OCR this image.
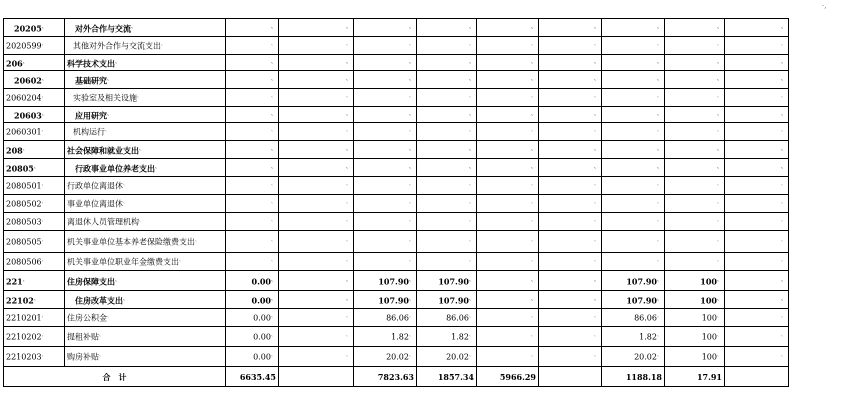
·,
20205、	对外合作与交流、	、	、	、	、	、	、	、	、	、	
2020599、	其他对外合作与交流支出、	、	、	、	、	、	、	、	、	、	
206、	科学技术支出、	、	、	、	、	、	、	、	、	、	
20602、	基础研究、	、	、	、	、	、	、	、	、	、	
2060204、	实验室及相关设施、	、	、	、	、	、	、	、	、	、	
20603、	应用研究、	、	、	、	、	、	、	、	、	、	
2060301、	机构运行、	、	、	、	、	、	、	、	、	、	
208、	社会保障和就业支出、	、	、	、	、	、	、	、	、	、	
20805、	行政事业单位养老支出、	、	、	、	、	、	、	、	、	、	
2080501、	行政单位离退休、	、	、	、	、	、	、	、	、	、	
2080502、	事业单位离退休、	、	、	、	、	、	、	、	、	、	
2080503、	离退休人员管理机构、	、	、	、	、	、	、	、	、	、	
2080505、	机关事业单位基本养老保险缴费支出、	、	、	、	、	、	、	、	、	、	
2080506、	机关事业单位职业年金缴费支出、	、	、	、	、	、	、	、	、	、	
221、	住房保障支出、	0.00、	、	107.90、	107.90、	、	、	107.90、	100、	、	
22102、	住房改革支出、	0.00、	、	107.90、	107.90、	、	、	107.90、	100、	、	
2210201、	住房公积金、	0.00、	、	86.06、	86.06、	、	、	86.06、	100、	、	
2210202、	提租补贴、	0.00、	、	1.82、	1.82、	、	、	1.82、	100、	、	
2210203、	购房补贴、	0.00、	、	20.02、	20.02、	、	、	20.02、	100、	、	
合　计		6635.45		7823.63	1857.34	5966.29		1188.18	17.91		
